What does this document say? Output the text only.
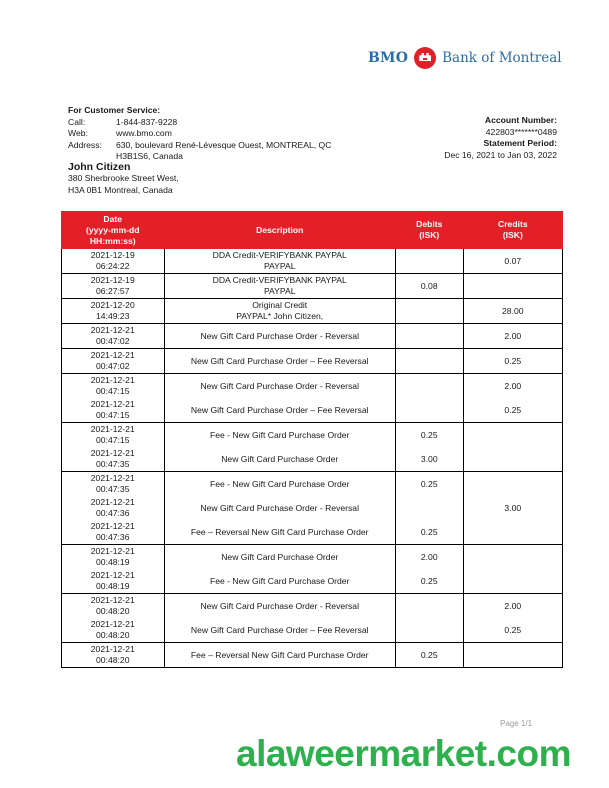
BMO	Bank of Montreal
For Customer Service:
Call:	1-844-837-9228
Web:	www.bmo.com
Address:	630, boulevard René-Lévesque Ouest, MONTREAL, QC
H3B1S6, Canada
John Citizen
380 Sherbrooke Street West,
H3A 0B1 Montreal, Canada
Account Number:
422803*******0489
Statement Period:
Dec 16, 2021 to Jan 03, 2022
Date
(yyyy-mm-dd
HH:mm:ss)	Description	Debits
(ISK)	Credits
(ISK)
2021-12-19
06:24:22	DDA Credit-VERIFYBANK PAYPAL
PAYPAL		0.07
2021-12-19
06:27:57	DDA Credit-VERIFYBANK PAYPAL
PAYPAL	0.08	
2021-12-20
14:49:23	Original Credit
PAYPAL* John Citizen,		28.00
2021-12-21
00:47:02	New Gift Card Purchase Order - Reversal		2.00
2021-12-21
00:47:02	New Gift Card Purchase Order – Fee Reversal		0.25
2021-12-21
00:47:15	New Gift Card Purchase Order - Reversal		2.00
2021-12-21
00:47:15	New Gift Card Purchase Order – Fee Reversal		0.25
2021-12-21
00:47:15	Fee - New Gift Card Purchase Order	0.25	
2021-12-21
00:47:35	New Gift Card Purchase Order	3.00	
2021-12-21
00:47:35	Fee - New Gift Card Purchase Order	0.25	
2021-12-21
00:47:36	New Gift Card Purchase Order - Reversal		3.00
2021-12-21
00:47:36	Fee – Reversal New Gift Card Purchase Order	0.25	
2021-12-21
00:48:19	New Gift Card Purchase Order	2.00	
2021-12-21
00:48:19	Fee - New Gift Card Purchase Order	0.25	
2021-12-21
00:48:20	New Gift Card Purchase Order - Reversal		2.00
2021-12-21
00:48:20	New Gift Card Purchase Order – Fee Reversal		0.25
2021-12-21
00:48:20	Fee – Reversal New Gift Card Purchase Order	0.25	
Page 1/1
alaweermarket.com
